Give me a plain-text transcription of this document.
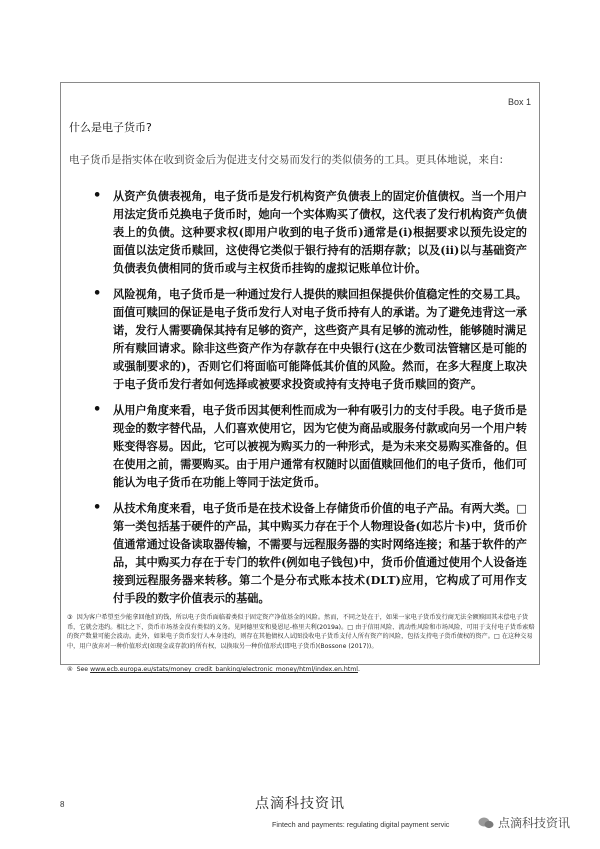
Box 1
什么是电子货币?

电子货币是指实体在收到资金后为促进支付交易而发行的类似债务的工具。更具体地说，来自:

• 从资产负债表视角，电子货币是发行机构资产负债表上的固定价值债权。当一个用户用法定货币兑换电子货币时，她向一个实体购买了债权，这代表了发行机构资产负债表上的负债。这种要求权(即用户收到的电子货币)通常是(i)根据要求以预先设定的面值以法定货币赎回，这使得它类似于银行持有的活期存款；以及(ii)以与基础资产负债表负债相同的货币或与主权货币挂钩的虚拟记账单位计价。
• 风险视角，电子货币是一种通过发行人提供的赎回担保提供价值稳定性的交易工具。面值可赎回的保证是电子货币发行人对电子货币持有人的承诺。为了避免违背这一承诺，发行人需要确保其持有足够的资产，这些资产具有足够的流动性，能够随时满足所有赎回请求。除非这些资产作为存款存在中央银行(这在少数司法管辖区是可能的或强制要求的)，否则它们将面临可能降低其价值的风险。然而，在多大程度上取决于电子货币发行者如何选择或被要求投资或持有支持电子货币赎回的资产。
• 从用户角度来看，电子货币因其便利性而成为一种有吸引力的支付手段。电子货币是现金的数字替代品，人们喜欢使用它，因为它使为商品或服务付款或向另一个用户转账变得容易。因此，它可以被视为购买力的一种形式，是为未来交易购买准备的。但在使用之前，需要购买。由于用户通常有权随时以面值赎回他们的电子货币，他们可能认为电子货币在功能上等同于法定货币。
• 从技术角度来看，电子货币是在技术设备上存储货币价值的电子产品。有两大类。□ 第一类包括基于硬件的产品，其中购买力存在于个人物理设备(如芯片卡)中，货币价值通常通过设备读取器传输，不需要与远程服务器的实时网络连接；和基于软件的产品，其中购买力存在于专门的软件(例如电子钱包)中，货币价值通过使用个人设备连接到远程服务器来转移。第二个是分布式账本技术(DLT)应用，它构成了可用作支付手段的数字价值表示的基础。

③ 因为客户希望至少能拿回他们的钱，所以电子货币面临着类似于固定资产净值基金的风险。然而，不同之处在于，如果一家电子货币发行商无法全额赎回其未偿电子货币，它就会违约。相比之下，货币市场基金没有类似的义务。见阿德里安和曼恩尼-格里夫利(2019a)。□ 由于信用风险、流动性风险和市场风险，可用于支付电子货币索赔的资产数量可能会波动。此外，如果电子货币发行人本身违约，则存在其他债权人试图没收电子货币支付人所有资产的风险，包括支持电子货币债权的资产。□ 在这种交易中，用户放弃对一种价值形式(如现金或存款)的所有权，以换取另一种价值形式(即电子货币)(Bossone (2017))。

④ See www.ecb.europa.eu/stats/money_credit_banking/electronic_money/html/index.en.html.

8	点滴科技资讯
Fintech and payments: regulating digital payment servic	点滴科技资讯
